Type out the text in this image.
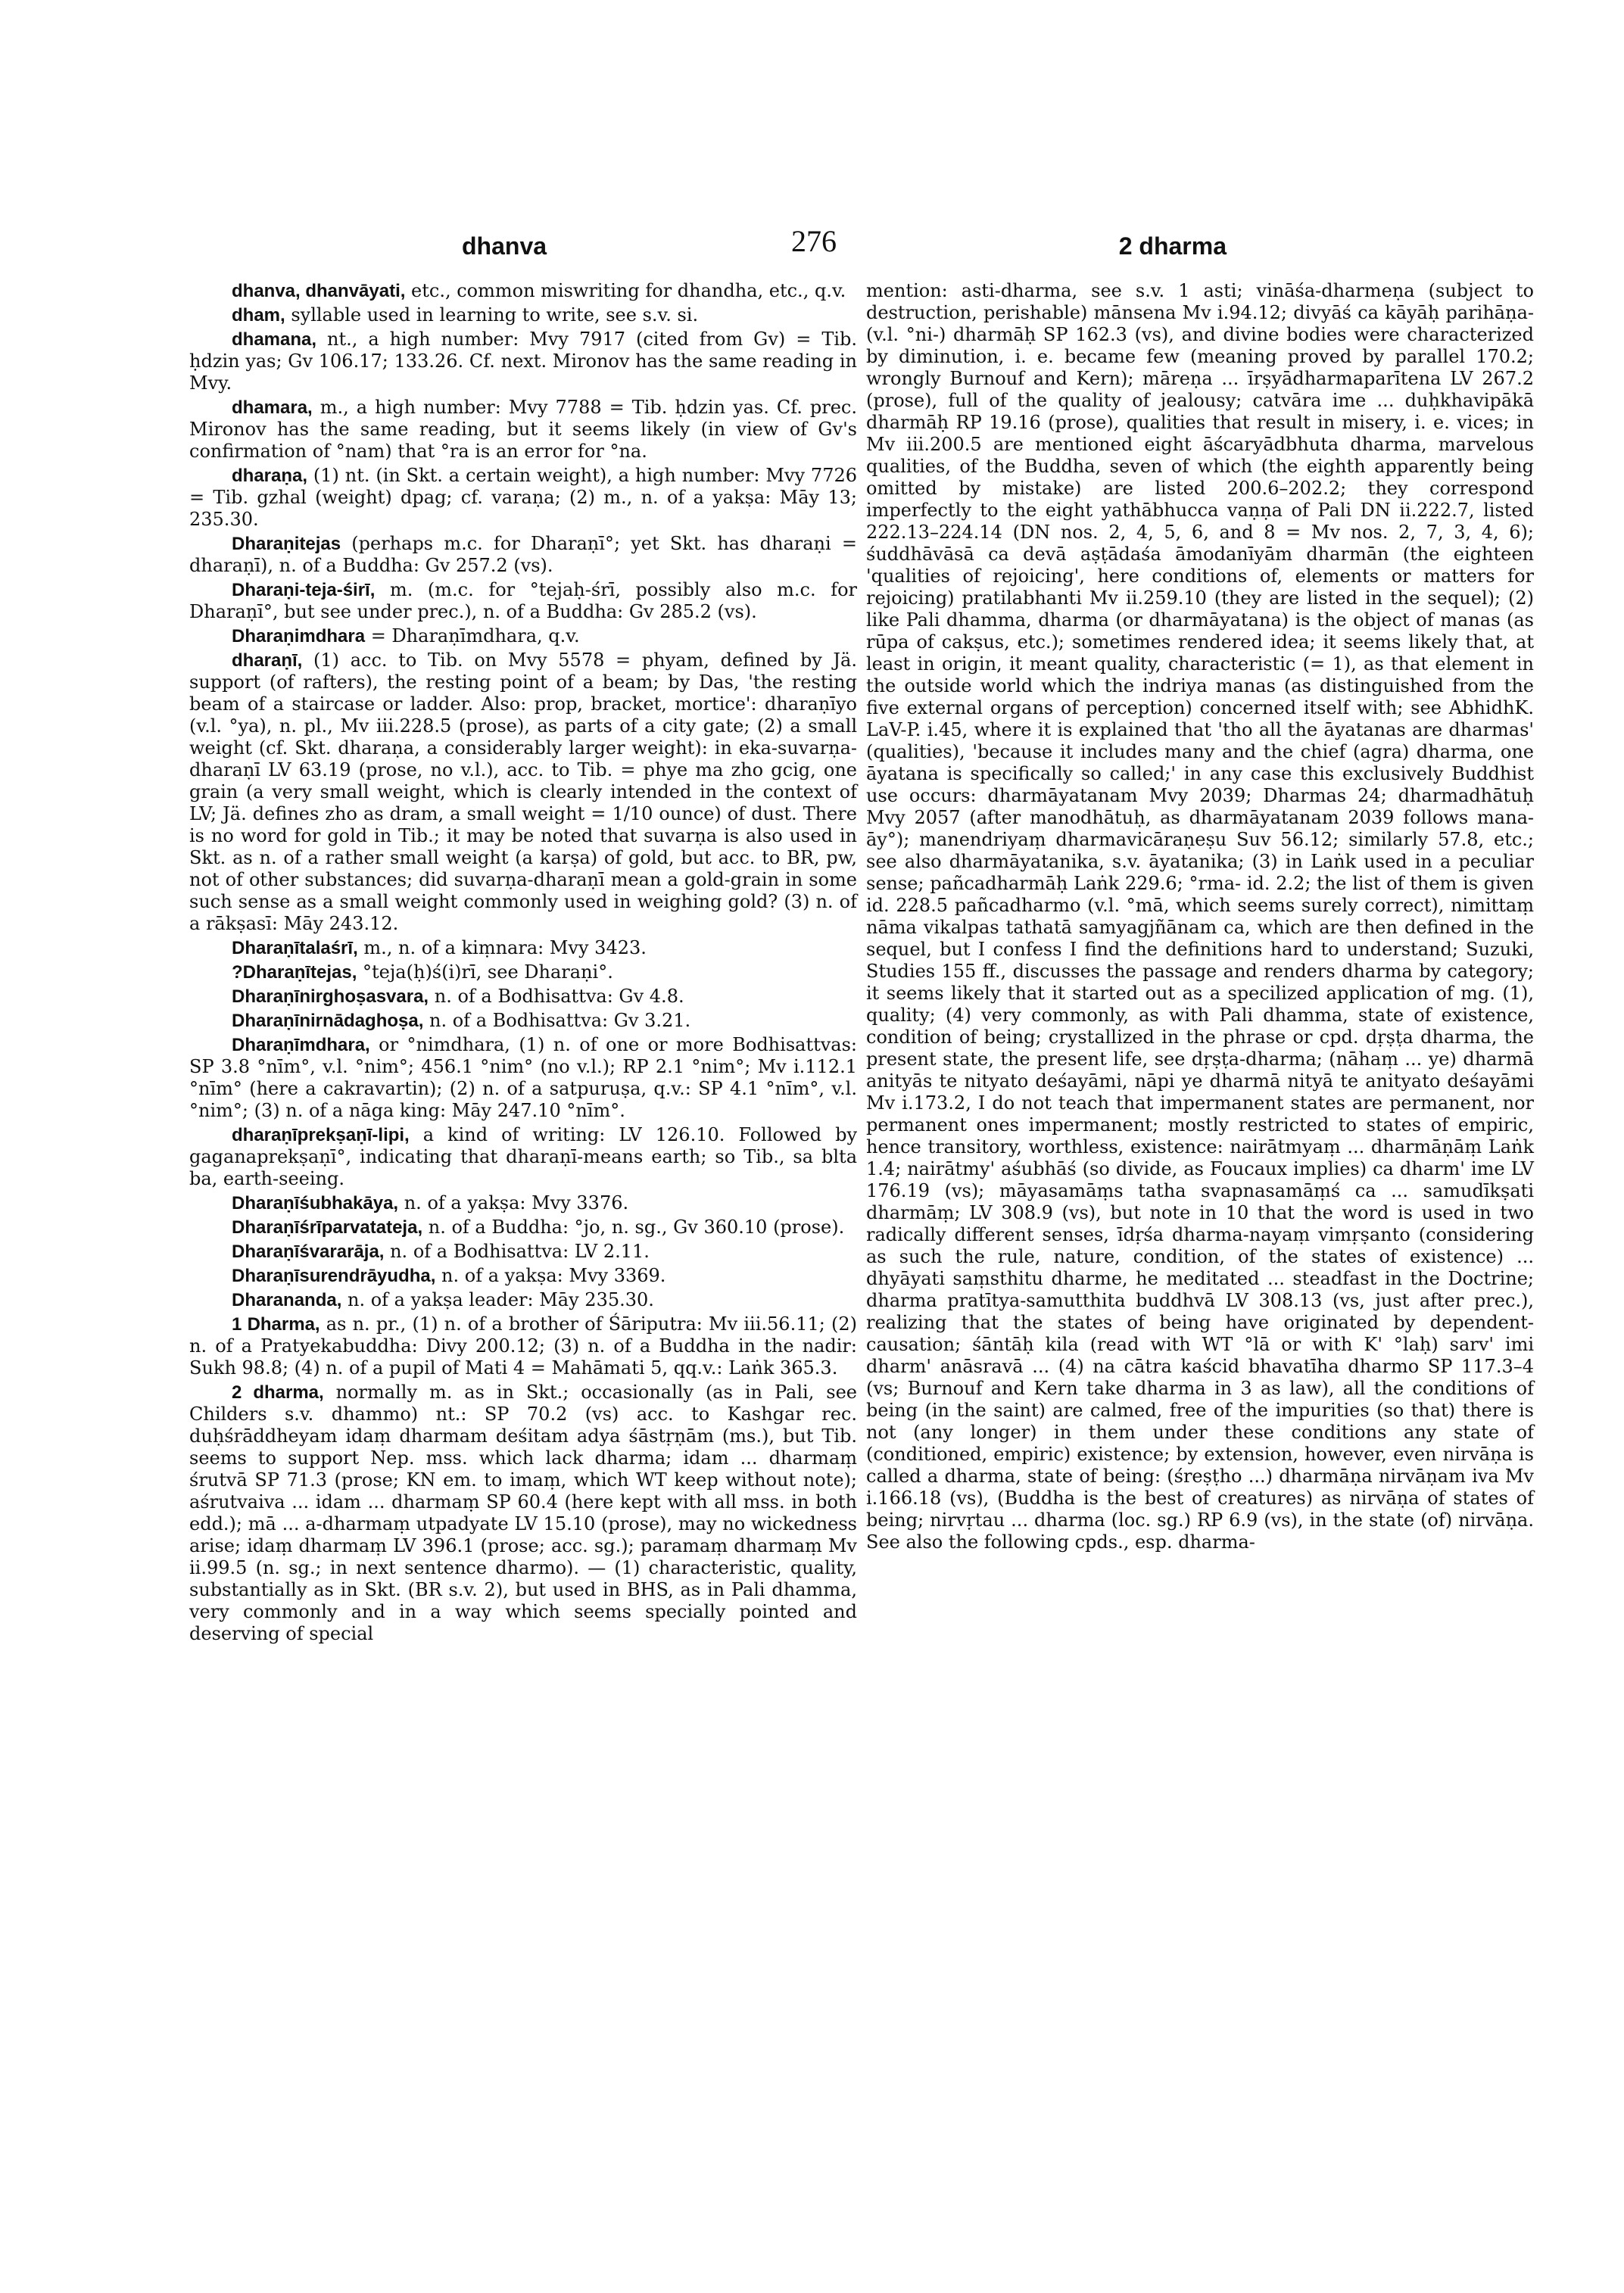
dhanva	276	2 dharma

dhanva, dhanvāyati, etc., common miswriting for dhandha, etc., q.v.

dham, syllable used in learning to write, see s.v. si.

dhamana, nt., a high number: Mvy 7917 (cited from Gv) = Tib. ḥdzin yas; Gv 106.17; 133.26. Cf. next. Mironov has the same reading in Mvy.

dhamara, m., a high number: Mvy 7788 = Tib. ḥdzin yas. Cf. prec. Mironov has the same reading, but it seems likely (in view of Gv's confirmation of °nam) that °ra is an error for °na.

dharaṇa, (1) nt. (in Skt. a certain weight), a high number: Mvy 7726 = Tib. gzhal (weight) dpag; cf. varaṇa; (2) m., n. of a yakṣa: Māy 13; 235.30.

Dharaṇitejas (perhaps m.c. for Dharaṇī°; yet Skt. has dharaṇi = dharaṇī), n. of a Buddha: Gv 257.2 (vs).

Dharaṇi-teja-śirī, m. (m.c. for °tejaḥ-śrī, possibly also m.c. for Dharaṇī°, but see under prec.), n. of a Buddha: Gv 285.2 (vs).

Dharaṇimdhara = Dharaṇīmdhara, q.v.

dharaṇī, (1) acc. to Tib. on Mvy 5578 = phyam, defined by Jä. support (of rafters), the resting point of a beam; by Das, 'the resting beam of a staircase or ladder. Also: prop, bracket, mortice': dharaṇīyo (v.l. °ya), n. pl., Mv iii.228.5 (prose), as parts of a city gate; (2) a small weight (cf. Skt. dharaṇa, a considerably larger weight): in eka-suvarṇa-dharaṇī LV 63.19 (prose, no v.l.), acc. to Tib. = phye ma zho gcig, one grain (a very small weight, which is clearly intended in the context of LV; Jä. defines zho as dram, a small weight = 1/10 ounce) of dust. There is no word for gold in Tib.; it may be noted that suvarṇa is also used in Skt. as n. of a rather small weight (a karṣa) of gold, but acc. to BR, pw, not of other substances; did suvarṇa-dharaṇī mean a gold-grain in some such sense as a small weight commonly used in weighing gold? (3) n. of a rākṣasī: Māy 243.12.

Dharaṇītalaśrī, m., n. of a kiṃnara: Mvy 3423.

?Dharaṇītejas, °teja(ḥ)ś(i)rī, see Dharaṇi°.

Dharaṇīnirghoṣasvara, n. of a Bodhisattva: Gv 4.8.

Dharaṇīnirnādaghoṣa, n. of a Bodhisattva: Gv 3.21.

Dharaṇīmdhara, or °nimdhara, (1) n. of one or more Bodhisattvas: SP 3.8 °nīm°, v.l. °nim°; 456.1 °nim° (no v.l.); RP 2.1 °nim°; Mv i.112.1 °nīm° (here a cakravartin); (2) n. of a satpuruṣa, q.v.: SP 4.1 °nīm°, v.l. °nim°; (3) n. of a nāga king: Māy 247.10 °nīm°.

dharaṇīprekṣaṇī-lipi, a kind of writing: LV 126.10. Followed by gaganaprekṣaṇī°, indicating that dharaṇī-means earth; so Tib., sa blta ba, earth-seeing.

Dharaṇīśubhakāya, n. of a yakṣa: Mvy 3376.

Dharaṇīśrīparvatateja, n. of a Buddha: °jo, n. sg., Gv 360.10 (prose).

Dharaṇīśvararāja, n. of a Bodhisattva: LV 2.11.

Dharaṇīsurendrāyudha, n. of a yakṣa: Mvy 3369.

Dharananda, n. of a yakṣa leader: Māy 235.30.

1 Dharma, as n. pr., (1) n. of a brother of Śāriputra: Mv iii.56.11; (2) n. of a Pratyekabuddha: Divy 200.12; (3) n. of a Buddha in the nadir: Sukh 98.8; (4) n. of a pupil of Mati 4 = Mahāmati 5, qq.v.: Laṅk 365.3.

2 dharma, normally m. as in Skt.; occasionally (as in Pali, see Childers s.v. dhammo) nt.: SP 70.2 (vs) acc. to Kashgar rec. duḥśrāddheyam idaṃ dharmam deśitam adya śāstṛṇām (ms.), but Tib. seems to support Nep. mss. which lack dharma; idam ... dharmaṃ śrutvā SP 71.3 (prose; KN em. to imaṃ, which WT keep without note); aśrutvaiva ... idam ... dharmaṃ SP 60.4 (here kept with all mss. in both edd.); mā ... a-dharmaṃ utpadyate LV 15.10 (prose), may no wickedness arise; idaṃ dharmaṃ LV 396.1 (prose; acc. sg.); paramaṃ dharmaṃ Mv ii.99.5 (n. sg.; in next sentence dharmo). — (1) characteristic, quality, substantially as in Skt. (BR s.v. 2), but used in BHS, as in Pali dhamma, very commonly and in a way which seems specially pointed and deserving of special

mention: asti-dharma, see s.v. 1 asti; vināśa-dharmeṇa (subject to destruction, perishable) mānsena Mv i.94.12; divyāś ca kāyāḥ parihāṇa- (v.l. °ni-) dharmāḥ SP 162.3 (vs), and divine bodies were characterized by diminution, i. e. became few (meaning proved by parallel 170.2; wrongly Burnouf and Kern); māreṇa ... īrṣyādharmaparītena LV 267.2 (prose), full of the quality of jealousy; catvāra ime ... duḥkhavipākā dharmāḥ RP 19.16 (prose), qualities that result in misery, i. e. vices; in Mv iii.200.5 are mentioned eight āścaryādbhuta dharma, marvelous qualities, of the Buddha, seven of which (the eighth apparently being omitted by mistake) are listed 200.6–202.2; they correspond imperfectly to the eight yathābhucca vaṇṇa of Pali DN ii.222.7, listed 222.13–224.14 (DN nos. 2, 4, 5, 6, and 8 = Mv nos. 2, 7, 3, 4, 6); śuddhāvāsā ca devā aṣṭādaśa āmodanīyām dharmān (the eighteen 'qualities of rejoicing', here conditions of, elements or matters for rejoicing) pratilabhanti Mv ii.259.10 (they are listed in the sequel); (2) like Pali dhamma, dharma (or dharmāyatana) is the object of manas (as rūpa of cakṣus, etc.); sometimes rendered idea; it seems likely that, at least in origin, it meant quality, characteristic (= 1), as that element in the outside world which the indriya manas (as distinguished from the five external organs of perception) concerned itself with; see AbhidhK. LaV-P. i.45, where it is explained that 'tho all the āyatanas are dharmas' (qualities), 'because it includes many and the chief (agra) dharma, one āyatana is specifically so called;' in any case this exclusively Buddhist use occurs: dharmāyatanam Mvy 2039; Dharmas 24; dharmadhātuḥ Mvy 2057 (after manodhātuḥ, as dharmāyatanam 2039 follows mana-āy°); manendriyaṃ dharmavicāraṇeṣu Suv 56.12; similarly 57.8, etc.; see also dharmāyatanika, s.v. āyatanika; (3) in Laṅk used in a peculiar sense; pañcadharmāḥ Laṅk 229.6; °rma- id. 2.2; the list of them is given id. 228.5 pañcadharmo (v.l. °mā, which seems surely correct), nimittaṃ nāma vikalpas tathatā samyagjñānam ca, which are then defined in the sequel, but I confess I find the definitions hard to understand; Suzuki, Studies 155 ff., discusses the passage and renders dharma by category; it seems likely that it started out as a specilized application of mg. (1), quality; (4) very commonly, as with Pali dhamma, state of existence, condition of being; crystallized in the phrase or cpd. dṛṣṭa dharma, the present state, the present life, see dṛṣṭa-dharma; (nāhaṃ ... ye) dharmā anityās te nityato deśayāmi, nāpi ye dharmā nityā te anityato deśayāmi Mv i.173.2, I do not teach that impermanent states are permanent, nor permanent ones impermanent; mostly restricted to states of empiric, hence transitory, worthless, existence: nairātmyaṃ ... dharmāṇāṃ Laṅk 1.4; nairātmy' aśubhāś (so divide, as Foucaux implies) ca dharm' ime LV 176.19 (vs); māyasamāṃs tatha svapnasamāṃś ca ... samudīkṣati dharmāṃ; LV 308.9 (vs), but note in 10 that the word is used in two radically different senses, īdṛśa dharma-nayaṃ vimṛṣanto (considering as such the rule, nature, condition, of the states of existence) ... dhyāyati saṃsthitu dharme, he meditated ... steadfast in the Doctrine; dharma pratītya-samutthita buddhvā LV 308.13 (vs, just after prec.), realizing that the states of being have originated by dependent-causation; śāntāḥ kila (read with WT °lā or with K' °laḥ) sarv' imi dharm' anāsravā ... (4) na cātra kaścid bhavatīha dharmo SP 117.3–4 (vs; Burnouf and Kern take dharma in 3 as law), all the conditions of being (in the saint) are calmed, free of the impurities (so that) there is not (any longer) in them under these conditions any state of (conditioned, empiric) existence; by extension, however, even nirvāṇa is called a dharma, state of being: (śreṣṭho ...) dharmāṇa nirvāṇam iva Mv i.166.18 (vs), (Buddha is the best of creatures) as nirvāṇa of states of being; nirvṛtau ... dharma (loc. sg.) RP 6.9 (vs), in the state (of) nirvāṇa. See also the following cpds., esp. dharma-
